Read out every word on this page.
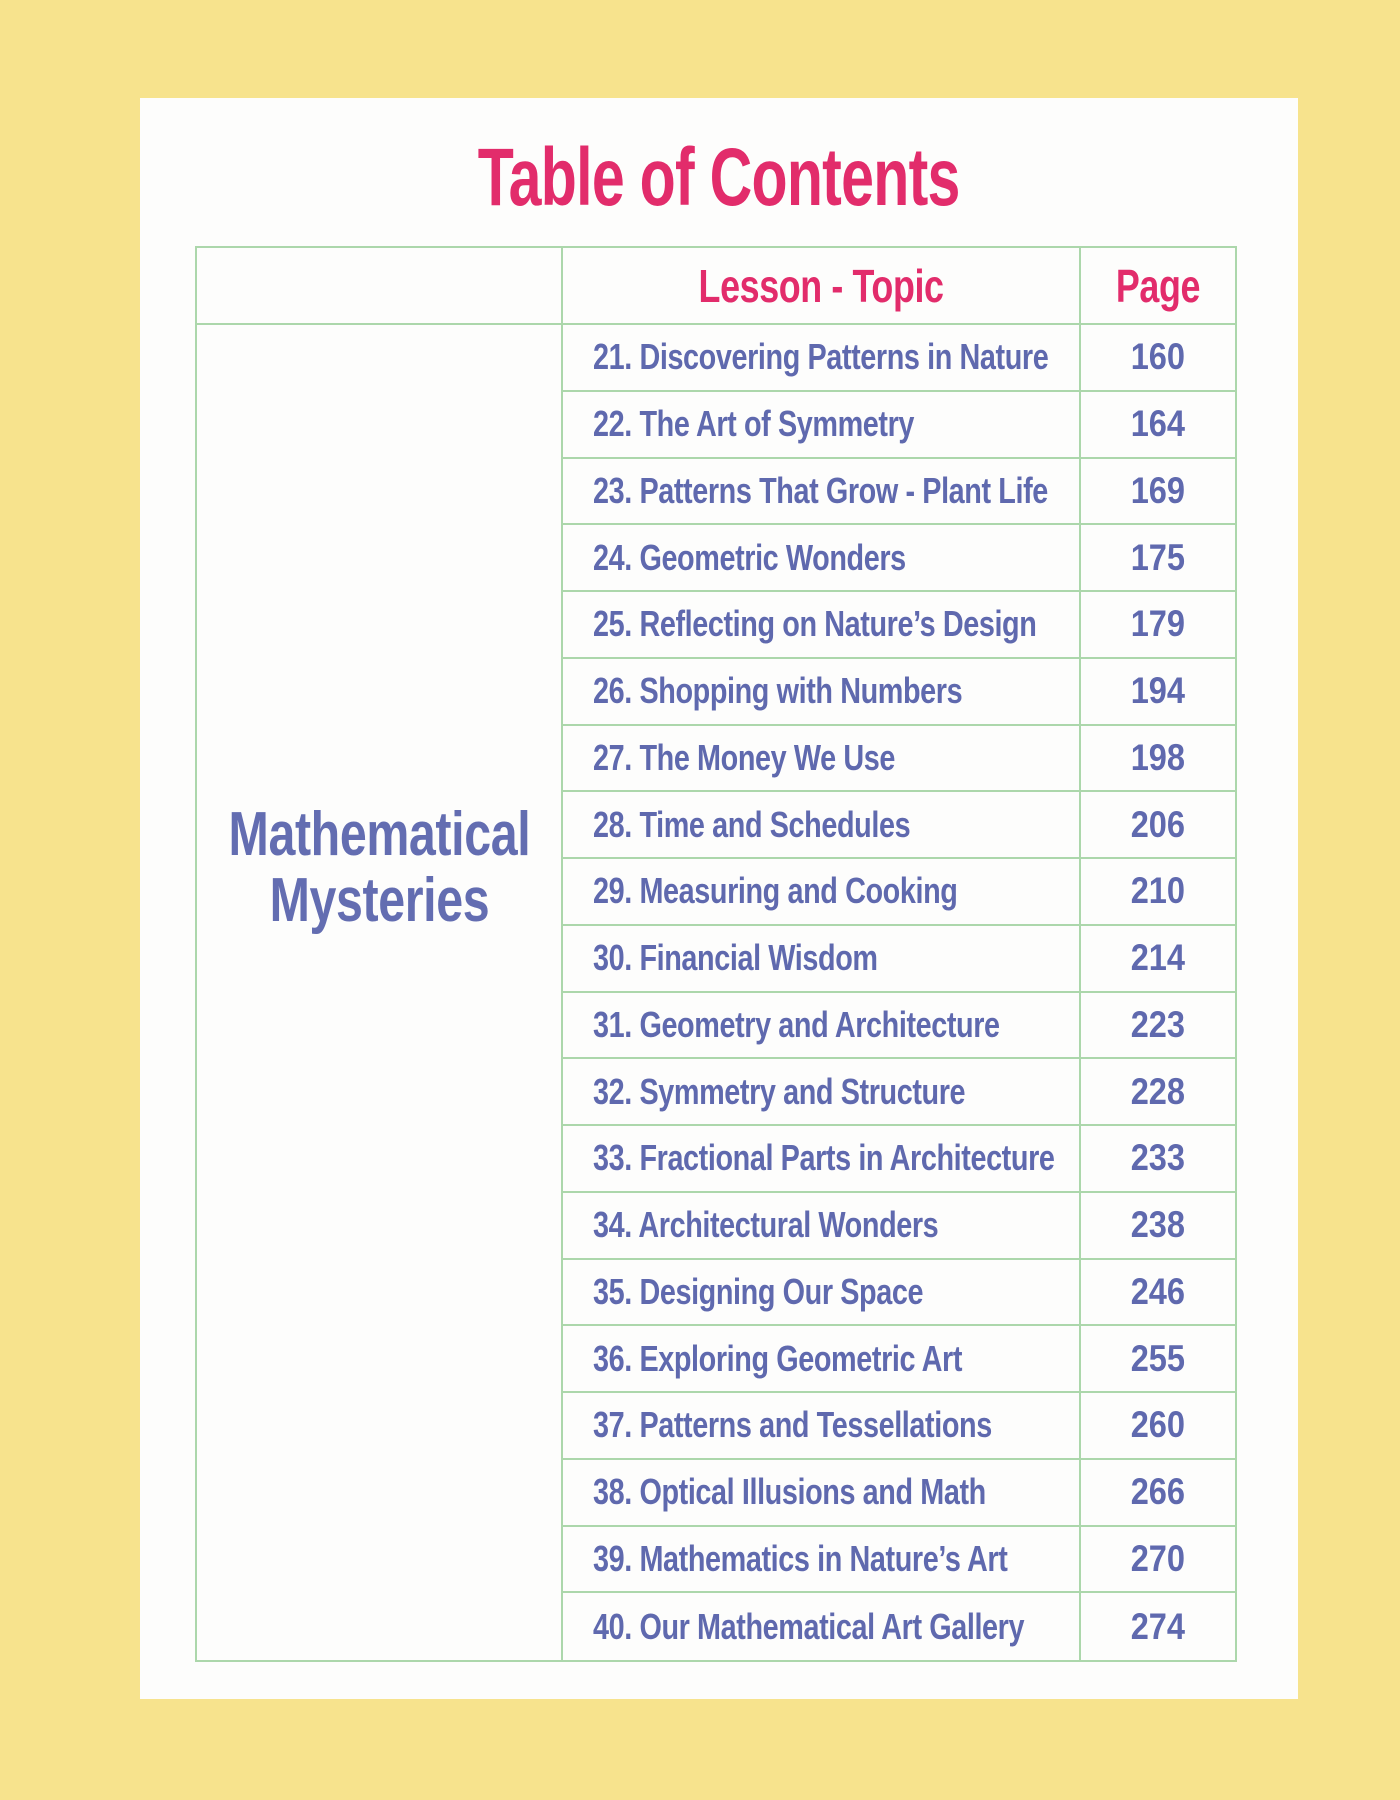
Table of Contents
Lesson - Topic	Page
Mathematical
Mysteries
21. Discovering Patterns in Nature 160
22. The Art of Symmetry	164
23. Patterns That Grow - Plant Life 169
24. Geometric Wonders	175
25. Reflecting on Nature’s Design	179
26. Shopping with Numbers	194
27. The Money We Use	198
28. Time and Schedules	206
29. Measuring and Cooking	210
30. Financial Wisdom	214
31. Geometry and Architecture	223
32. Symmetry and Structure	228
33. Fractional Parts in Architecture 233
34. Architectural Wonders	238
35. Designing Our Space	246
36. Exploring Geometric Art	255
37. Patterns and Tessellations	260
38. Optical Illusions and Math	266
39. Mathematics in Nature’s Art	270
40. Our Mathematical Art Gallery	274
